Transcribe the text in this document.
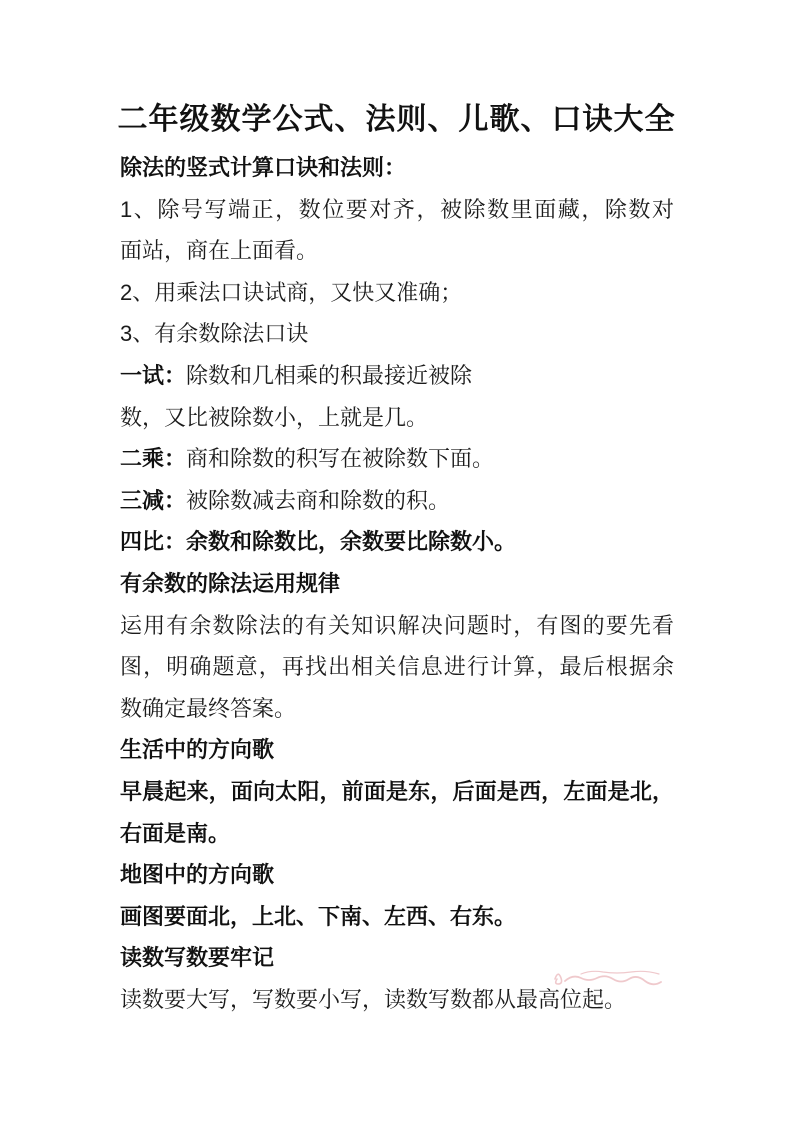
二年级数学公式、法则、儿歌、口诀大全
除法的竖式计算口诀和法则：
1、除号写端正，数位要对齐，被除数里面藏，除数对
面站，商在上面看。
2、用乘法口诀试商，又快又准确；
3、有余数除法口诀
一试：除数和几相乘的积最接近被除
数，又比被除数小，上就是几。
二乘：商和除数的积写在被除数下面。
三减：被除数减去商和除数的积。
四比：余数和除数比，余数要比除数小。
有余数的除法运用规律
运用有余数除法的有关知识解决问题时，有图的要先看
图，明确题意，再找出相关信息进行计算，最后根据余
数确定最终答案。
生活中的方向歌
早晨起来，面向太阳，前面是东，后面是西，左面是北，
右面是南。
地图中的方向歌
画图要面北，上北、下南、左西、右东。
读数写数要牢记
读数要大写，写数要小写，读数写数都从最高位起。
